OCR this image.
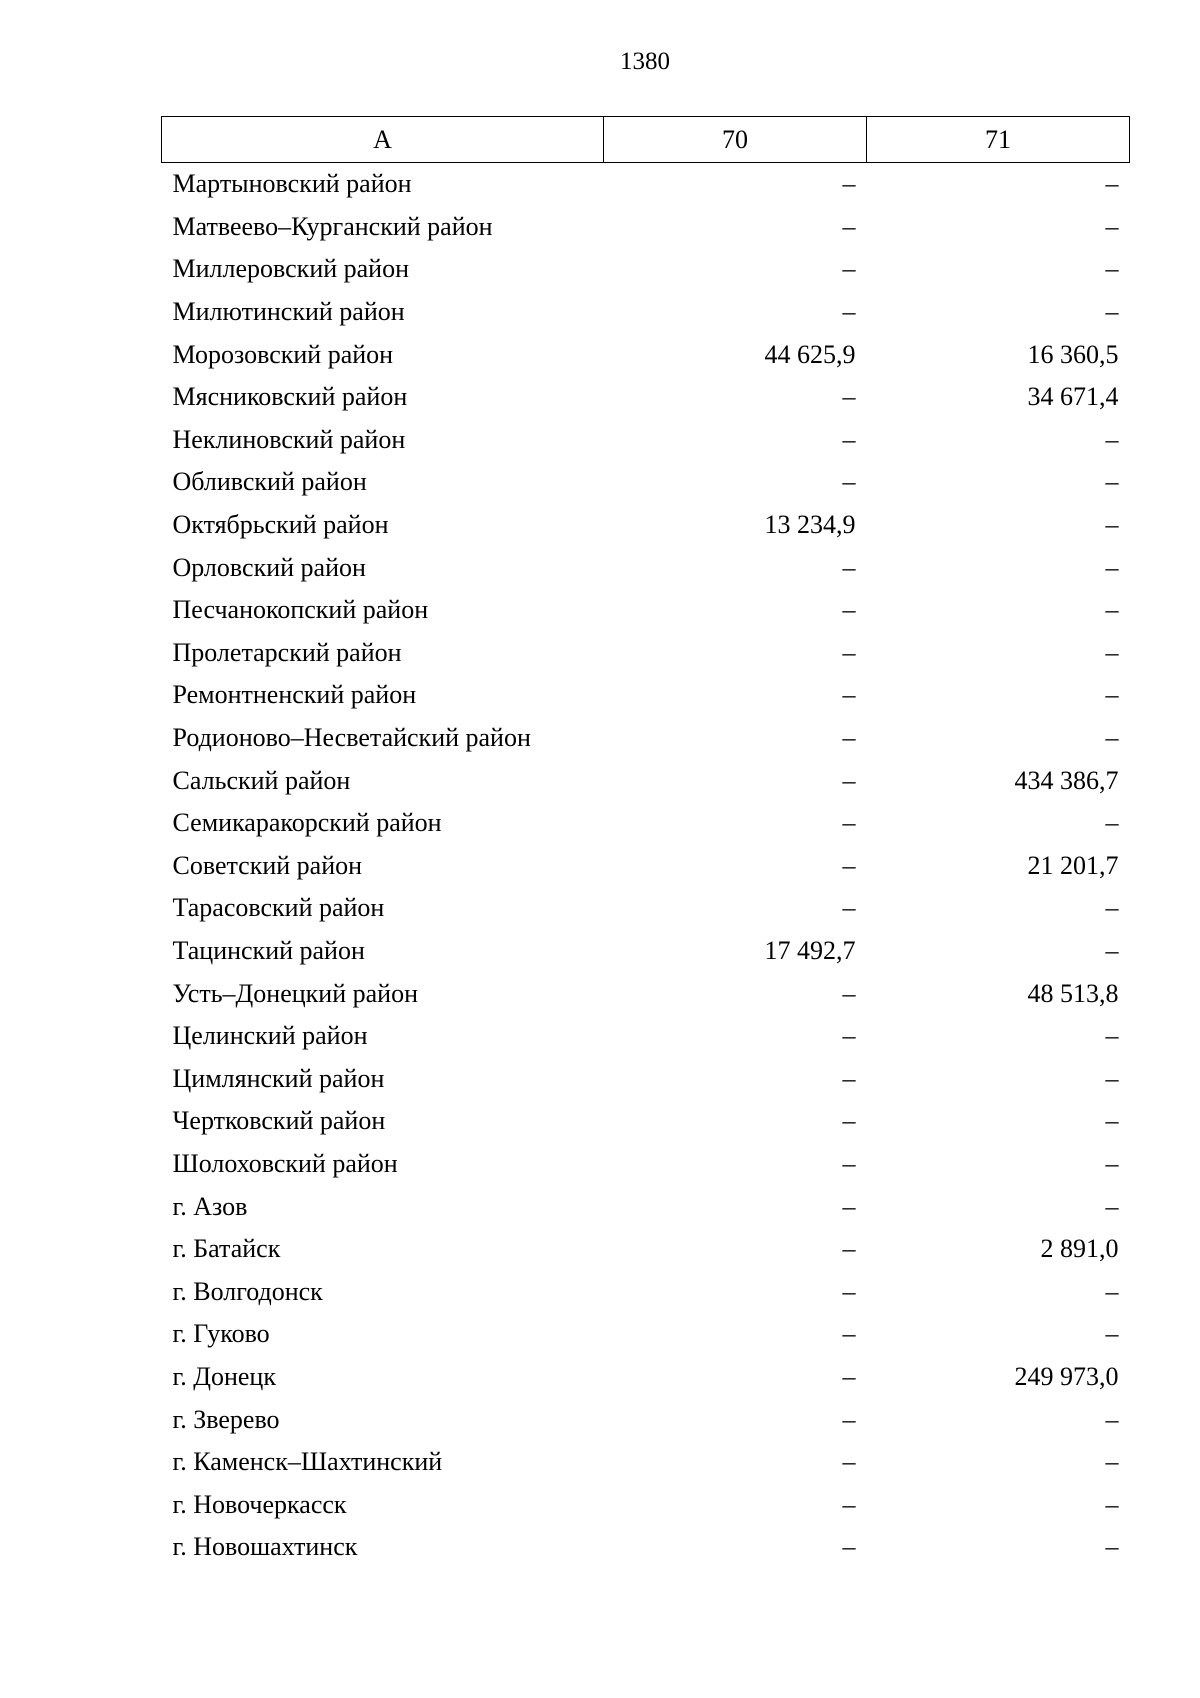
1380
А	70	71
Мартыновский район	–	–
Матвеево–Курганский район	–	–
Миллеровский район	–	–
Милютинский район	–	–
Морозовский район	44 625,9	16 360,5
Мясниковский район	–	34 671,4
Неклиновский район	–	–
Обливский район	–	–
Октябрьский район	13 234,9	–
Орловский район	–	–
Песчанокопский район	–	–
Пролетарский район	–	–
Ремонтненский район	–	–
Родионово–Несветайский район	–	–
Сальский район	–	434 386,7
Семикаракорский район	–	–
Советский район	–	21 201,7
Тарасовский район	–	–
Тацинский район	17 492,7	–
Усть–Донецкий район	–	48 513,8
Целинский район	–	–
Цимлянский район	–	–
Чертковский район	–	–
Шолоховский район	–	–
г. Азов	–	–
г. Батайск	–	2 891,0
г. Волгодонск	–	–
г. Гуково	–	–
г. Донецк	–	249 973,0
г. Зверево	–	–
г. Каменск–Шахтинский	–	–
г. Новочеркасск	–	–
г. Новошахтинск	–	–
